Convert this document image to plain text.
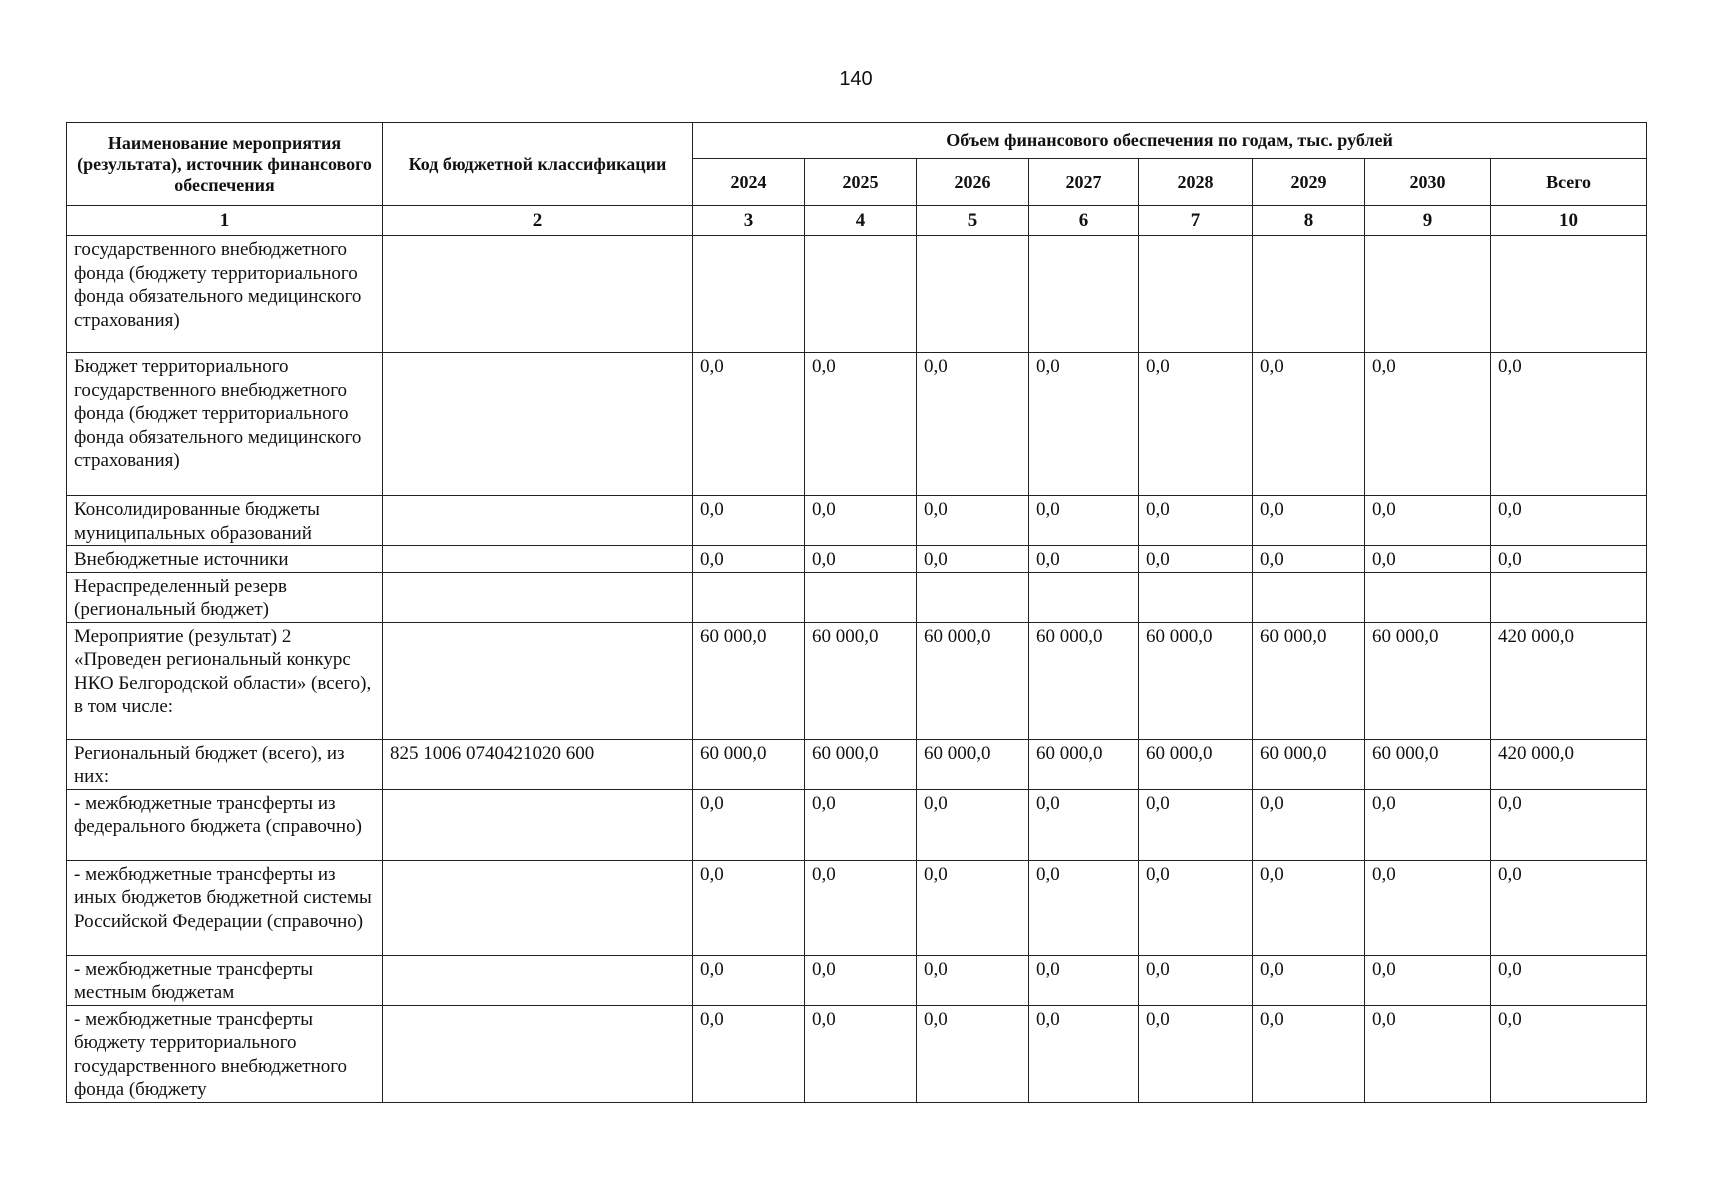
140
Наименование мероприятия (результата), источник финансового обеспечения	Код бюджетной классификации	Объем финансового обеспечения по годам, тыс. рублей							
		2024	2025	2026	2027	2028	2029	2030	Всего
1	2	3	4	5	6	7	8	9	10
государственного внебюджетного фонда (бюджету территориального фонда обязательного медицинского страхования)									
Бюджет территориального государственного внебюджетного фонда (бюджет территориального фонда обязательного медицинского страхования)		0,0	0,0	0,0	0,0	0,0	0,0	0,0	0,0
Консолидированные бюджеты муниципальных образований		0,0	0,0	0,0	0,0	0,0	0,0	0,0	0,0
Внебюджетные источники		0,0	0,0	0,0	0,0	0,0	0,0	0,0	0,0
Нераспределенный резерв (региональный бюджет)									
Мероприятие (результат) 2 «Проведен региональный конкурс НКО Белгородской области» (всего), в том числе:		60 000,0	60 000,0	60 000,0	60 000,0	60 000,0	60 000,0	60 000,0	420 000,0
Региональный бюджет (всего), из них:	825 1006 0740421020 600	60 000,0	60 000,0	60 000,0	60 000,0	60 000,0	60 000,0	60 000,0	420 000,0
- межбюджетные трансферты из федерального бюджета (справочно)		0,0	0,0	0,0	0,0	0,0	0,0	0,0	0,0
- межбюджетные трансферты из иных бюджетов бюджетной системы Российской Федерации (справочно)		0,0	0,0	0,0	0,0	0,0	0,0	0,0	0,0
- межбюджетные трансферты местным бюджетам		0,0	0,0	0,0	0,0	0,0	0,0	0,0	0,0
- межбюджетные трансферты бюджету территориального государственного внебюджетного фонда (бюджету		0,0	0,0	0,0	0,0	0,0	0,0	0,0	0,0
